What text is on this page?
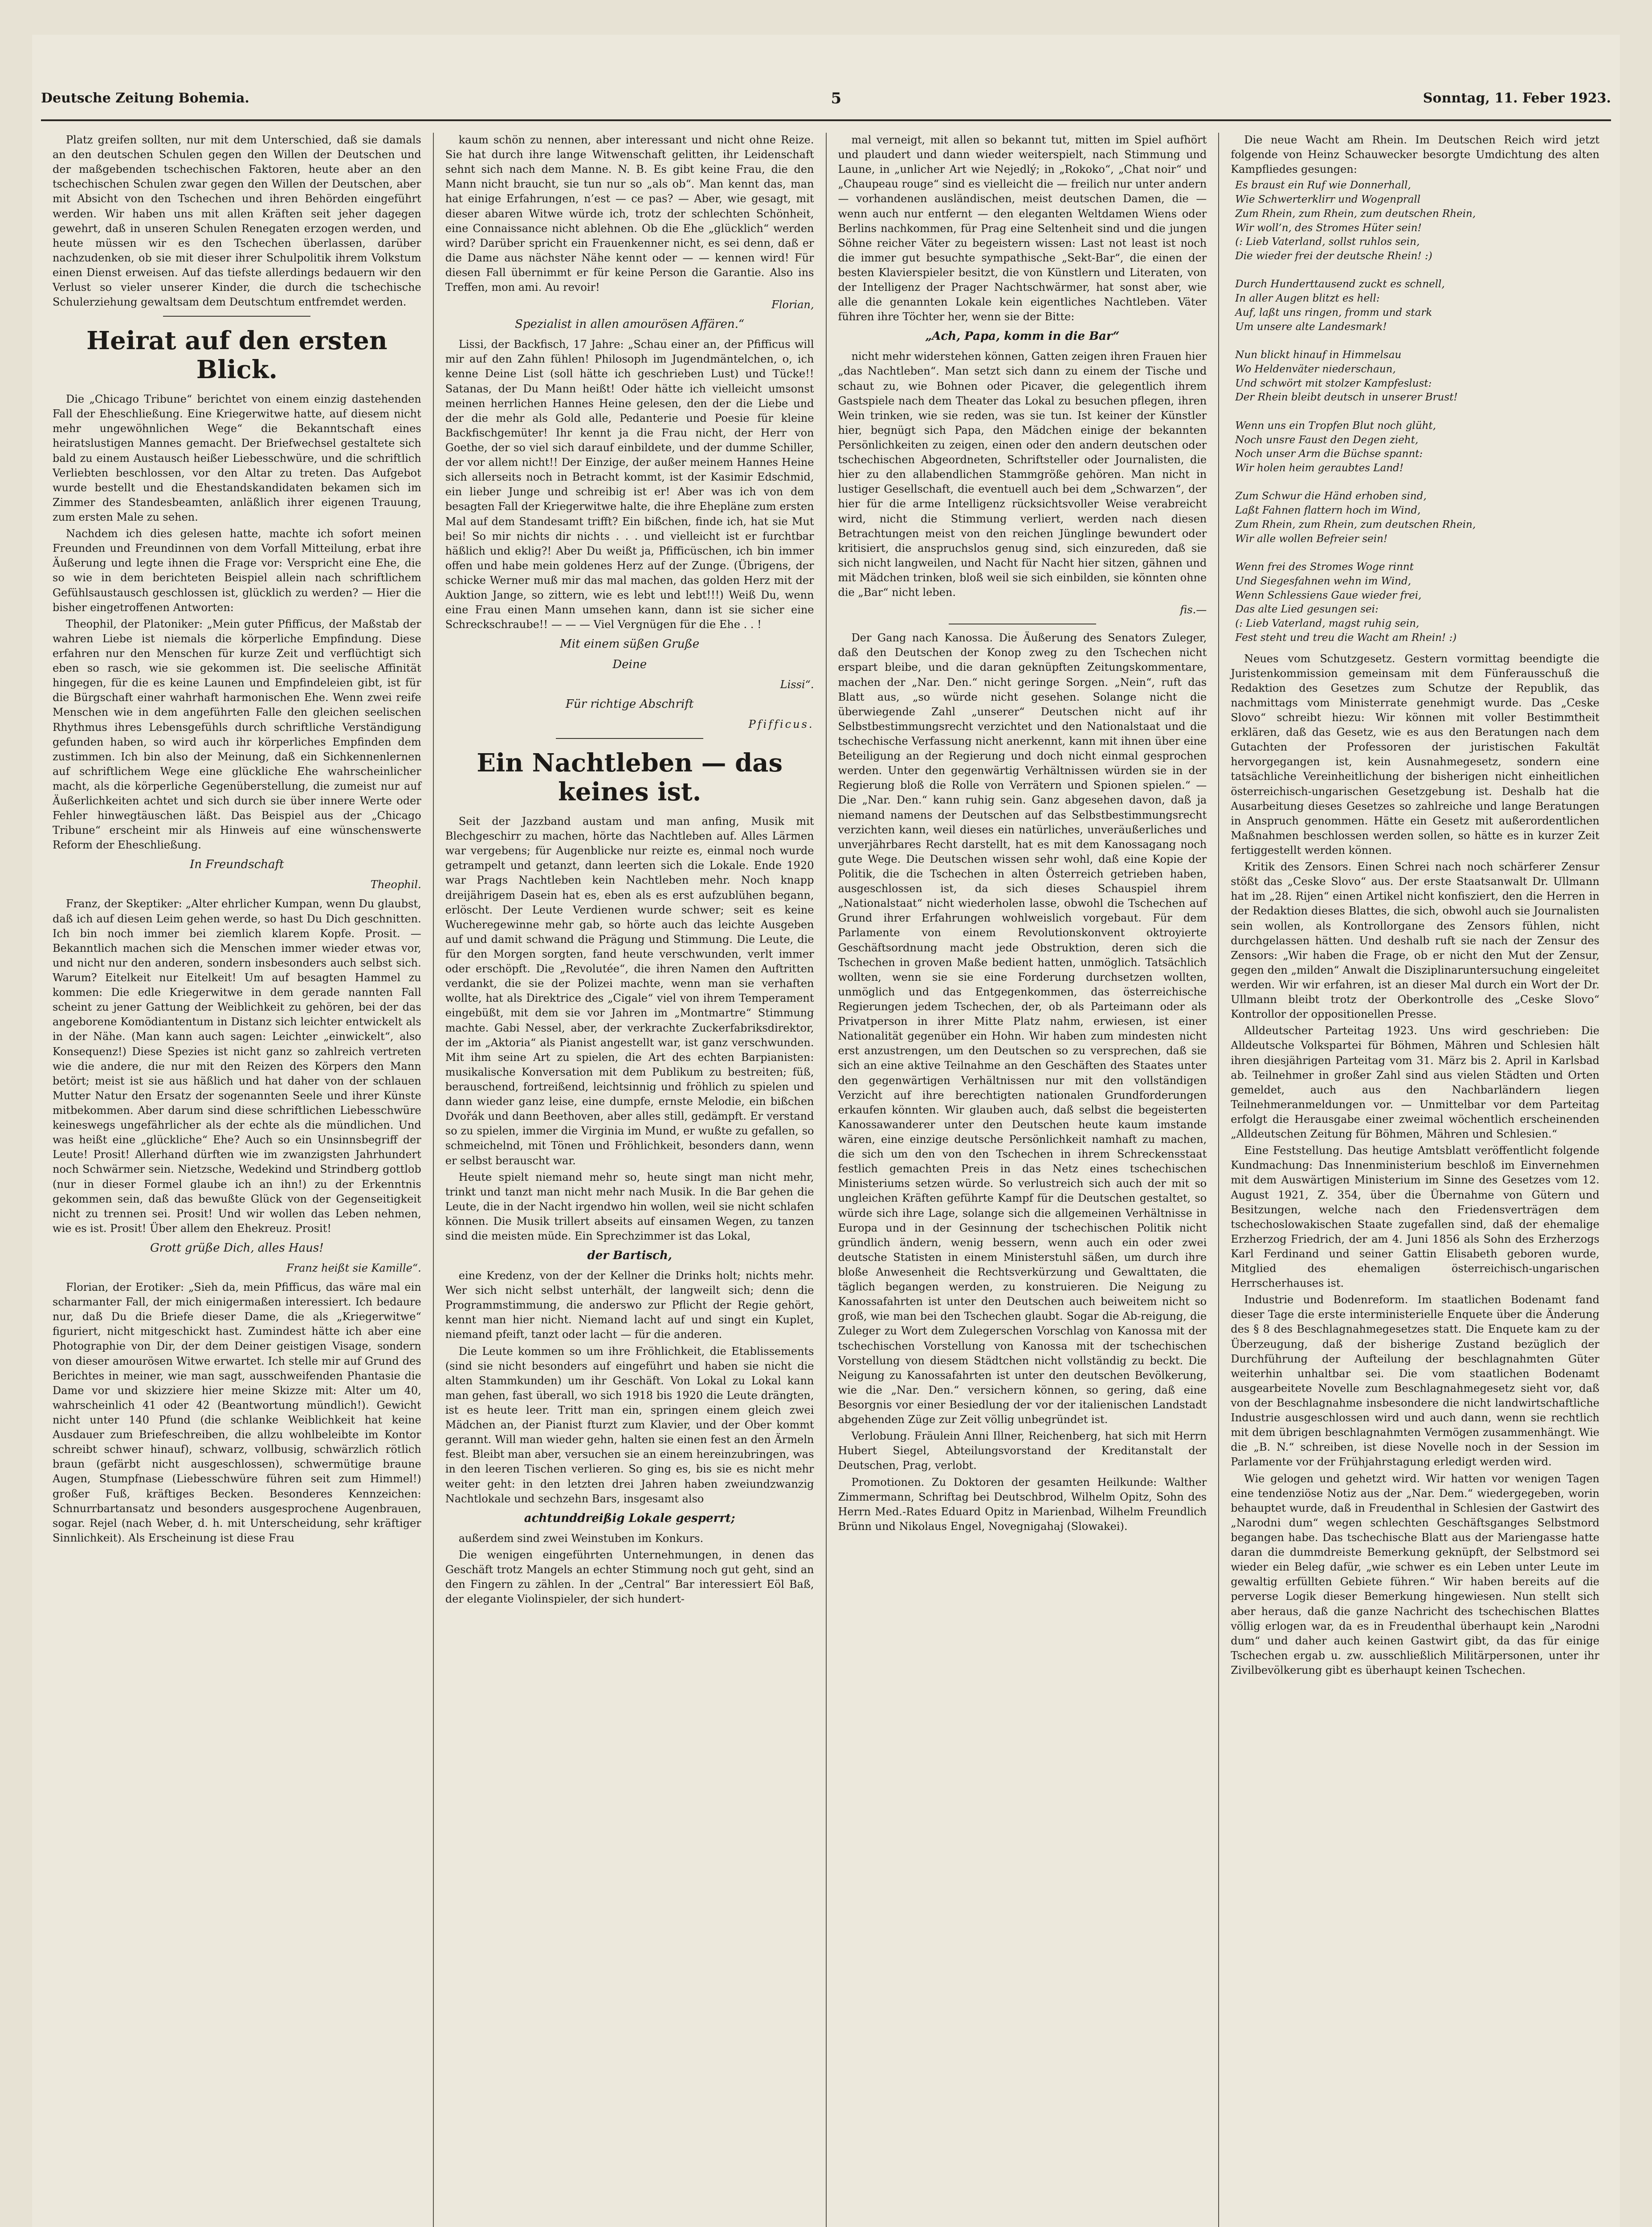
Deutsche Zeitung Bohemia.	5	Sonntag, 11. Feber 1923.

Platz greifen sollten, nur mit dem Unterschied, daß sie damals an den deutschen Schulen gegen den Willen der Deutschen und der maßgebenden tschechischen Faktoren, heute aber an den tschechischen Schulen zwar gegen den Willen der Deutschen, aber mit Absicht von den Tschechen und ihren Behörden eingeführt werden. Wir haben uns mit allen Kräften seit jeher dagegen gewehrt, daß in unseren Schulen Renegaten erzogen werden, und heute müssen wir es den Tschechen überlassen, darüber nachzudenken, ob sie mit dieser ihrer Schulpolitik ihrem Volkstum einen Dienst erweisen. Auf das tiefste allerdings bedauern wir den Verlust so vieler unserer Kinder, die durch die tschechische Schulerziehung gewaltsam dem Deutschtum entfremdet werden.

Heirat auf den ersten Blick.

Die „Chicago Tribune“ berichtet von einem einzig dastehenden Fall der Eheschließung. Eine Kriegerwitwe hatte, auf diesem nicht mehr ungewöhnlichen Wege“ die Bekanntschaft eines heiratslustigen Mannes gemacht. Der Briefwechsel gestaltete sich bald zu einem Austausch heißer Liebesschwüre, und die schriftlich Verliebten beschlossen, vor den Altar zu treten. Das Aufgebot wurde bestellt und die Ehestandskandidaten bekamen sich im Zimmer des Standesbeamten, anläßlich ihrer eigenen Trauung, zum ersten Male zu sehen.

Nachdem ich dies gelesen hatte, machte ich sofort meinen Freunden und Freundinnen von dem Vorfall Mitteilung, erbat ihre Äußerung und legte ihnen die Frage vor: Verspricht eine Ehe, die so wie in dem berichteten Beispiel allein nach schriftlichem Gefühlsaustausch geschlossen ist, glücklich zu werden? — Hier die bisher eingetroffenen Antworten:

Theophil, der Platoniker: „Mein guter Pfifficus, der Maßstab der wahren Liebe ist niemals die körperliche Empfindung. Diese erfahren nur den Menschen für kurze Zeit und verflüchtigt sich eben so rasch, wie sie gekommen ist. Die seelische Affinität hingegen, für die es keine Launen und Empfindeleien gibt, ist für die Bürgschaft einer wahrhaft harmonischen Ehe. Wenn zwei reife Menschen wie in dem angeführten Falle den gleichen seelischen Rhythmus ihres Lebensgefühls durch schriftliche Verständigung gefunden haben, so wird auch ihr körperliches Empfinden dem zustimmen. Ich bin also der Meinung, daß ein Sichkennenlernen auf schriftlichem Wege eine glückliche Ehe wahrscheinlicher macht, als die körperliche Gegenüberstellung, die zumeist nur auf Äußerlichkeiten achtet und sich durch sie über innere Werte oder Fehler hinwegtäuschen läßt. Das Beispiel aus der „Chicago Tribune“ erscheint mir als Hinweis auf eine wünschenswerte Reform der Eheschließung.

In Freundschaft
Theophil.

Franz, der Skeptiker: „Alter ehrlicher Kumpan, wenn Du glaubst, daß ich auf diesen Leim gehen werde, so hast Du Dich geschnitten. Ich bin noch immer bei ziemlich klarem Kopfe. Prosit. — Bekanntlich machen sich die Menschen immer wieder etwas vor, und nicht nur den anderen, sondern insbesonders auch selbst sich. Warum? Eitelkeit nur Eitelkeit! Um auf besagten Hammel zu kommen: Die edle Kriegerwitwe in dem gerade nannten Fall scheint zu jener Gattung der Weiblichkeit zu gehören, bei der das angeborene Komödiantentum in Distanz sich leichter entwickelt als in der Nähe. (Man kann auch sagen: Leichter „einwickelt“, also Konsequenz!) Diese Spezies ist nicht ganz so zahlreich vertreten wie die andere, die nur mit den Reizen des Körpers den Mann betört; meist ist sie aus häßlich und hat daher von der schlauen Mutter Natur den Ersatz der sogenannten Seele und ihrer Künste mitbekommen. Aber darum sind diese schriftlichen Liebesschwüre keineswegs ungefährlicher als der echte als die mündlichen. Und was heißt eine „glückliche“ Ehe? Auch so ein Unsinnsbegriff der Leute! Prosit! Allerhand dürften wie im zwanzigsten Jahrhundert noch Schwärmer sein. Nietzsche, Wedekind und Strindberg gottlob (nur in dieser Formel glaube ich an ihn!) zu der Erkenntnis gekommen sein, daß das bewußte Glück von der Gegenseitigkeit nicht zu trennen sei. Prosit! Und wir wollen das Leben nehmen, wie es ist. Prosit! Über allem den Ehekreuz. Prosit!

Grott grüße Dich, alles Haus!
Franz heißt sie Kamille“.

Florian, der Erotiker: „Sieh da, mein Pfifficus, das wäre mal ein scharmanter Fall, der mich einigermaßen interessiert. Ich bedaure nur, daß Du die Briefe dieser Dame, die als „Kriegerwitwe“ figuriert, nicht mitgeschickt hast. Zumindest hätte ich aber eine Photographie von Dir, der dem Deiner geistigen Visage, sondern von dieser amourösen Witwe erwartet. Ich stelle mir auf Grund des Berichtes in meiner, wie man sagt, ausschweifenden Phantasie die Dame vor und skizziere hier meine Skizze mit: Alter um 40, wahrscheinlich 41 oder 42 (Beantwortung mündlich!). Gewicht nicht unter 140 Pfund (die schlanke Weiblichkeit hat keine Ausdauer zum Briefeschreiben, die allzu wohlbeleibte im Kontor schreibt schwer hinauf), schwarz, vollbusig, schwärzlich rötlich braun (gefärbt nicht ausgeschlossen), schwermütige braune Augen, Stumpfnase (Liebesschwüre führen seit zum Himmel!) großer Fuß, kräftiges Becken. Besonderes Kennzeichen: Schnurrbartansatz und besonders ausgesprochene Augenbrauen, sogar. Rejel (nach Weber, d. h. mit Unterscheidung, sehr kräftiger Sinnlichkeit). Als Erscheinung ist diese Frau

kaum schön zu nennen, aber interessant und nicht ohne Reize. Sie hat durch ihre lange Witwenschaft gelitten, ihr Leidenschaft sehnt sich nach dem Manne. N. B. Es gibt keine Frau, die den Mann nicht braucht, sie tun nur so „als ob“. Man kennt das, man hat einige Erfahrungen, n’est — ce pas? — Aber, wie gesagt, mit dieser abaren Witwe würde ich, trotz der schlechten Schönheit, eine Connaissance nicht ablehnen. Ob die Ehe „glücklich“ werden wird? Darüber spricht ein Frauenkenner nicht, es sei denn, daß er die Dame aus nächster Nähe kennt oder — — kennen wird! Für diesen Fall übernimmt er für keine Person die Garantie. Also ins Treffen, mon ami. Au revoir!

Florian,
Spezialist in allen amourösen Affären.“

Lissi, der Backfisch, 17 Jahre: „Schau einer an, der Pfifficus will mir auf den Zahn fühlen! Philosoph im Jugendmäntelchen, o, ich kenne Deine List (soll hätte ich geschrieben Lust) und Tücke!! Satanas, der Du Mann heißt! Oder hätte ich vielleicht umsonst meinen herrlichen Hannes Heine gelesen, den der die Liebe und der die mehr als Gold alle, Pedanterie und Poesie für kleine Backfischgemüter! Ihr kennt ja die Frau nicht, der Herr von Goethe, der so viel sich darauf einbildete, und der dumme Schiller, der vor allem nicht!! Der Einzige, der außer meinem Hannes Heine sich allerseits noch in Betracht kommt, ist der Kasimir Edschmid, ein lieber Junge und schreibig ist er! Aber was ich von dem besagten Fall der Kriegerwitwe halte, die ihre Ehepläne zum ersten Mal auf dem Standesamt trifft? Ein bißchen, finde ich, hat sie Mut bei! So mir nichts dir nichts . . . und vielleicht ist er furchtbar häßlich und eklig?! Aber Du weißt ja, Pfifficüschen, ich bin immer offen und habe mein goldenes Herz auf der Zunge. (Übrigens, der schicke Werner muß mir das mal machen, das golden Herz mit der Auktion Jange, so zittern, wie es lebt und lebt!!!) Weiß Du, wenn eine Frau einen Mann umsehen kann, dann ist sie sicher eine Schreckschraube!! — — — Viel Vergnügen für die Ehe . . !

Mit einem süßen Gruße
Deine
Lissi“.
Für richtige Abschrift
Pfifficus.
Ein Nachtleben — das keines ist.

Seit der Jazzband austam und man anfing, Musik mit Blechgeschirr zu machen, hörte das Nachtleben auf. Alles Lärmen war vergebens; für Augenblicke nur reizte es, einmal noch wurde getrampelt und getanzt, dann leerten sich die Lokale. Ende 1920 war Prags Nachtleben kein Nachtleben mehr. Noch knapp dreijährigem Dasein hat es, eben als es erst aufzublühen begann, erlöscht. Der Leute Verdienen wurde schwer; seit es keine Wucheregewinne mehr gab, so hörte auch das leichte Ausgeben auf und damit schwand die Prägung und Stimmung. Die Leute, die für den Morgen sorgten, fand heute verschwunden, verlt immer oder erschöpft. Die „Revolutée“, die ihren Namen den Auftritten verdankt, die sie der Polizei machte, wenn man sie verhaften wollte, hat als Direktrice des „Cigale“ viel von ihrem Temperament eingebüßt, mit dem sie vor Jahren im „Montmartre“ Stimmung machte. Gabi Nessel, aber, der verkrachte Zuckerfabriksdirektor, der im „Aktoria“ als Pianist angestellt war, ist ganz verschwunden. Mit ihm seine Art zu spielen, die Art des echten Barpianisten: musikalische Konversation mit dem Publikum zu bestreiten; füß, berauschend, fortreißend, leichtsinnig und fröhlich zu spielen und dann wieder ganz leise, eine dumpfe, ernste Melodie, ein bißchen Dvořák und dann Beethoven, aber alles still, gedämpft. Er verstand so zu spielen, immer die Virginia im Mund, er wußte zu gefallen, so schmeichelnd, mit Tönen und Fröhlichkeit, besonders dann, wenn er selbst berauscht war.

Heute spielt niemand mehr so, heute singt man nicht mehr, trinkt und tanzt man nicht mehr nach Musik. In die Bar gehen die Leute, die in der Nacht irgendwo hin wollen, weil sie nicht schlafen können. Die Musik trillert abseits auf einsamen Wegen, zu tanzen sind die meisten müde. Ein Sprechzimmer ist das Lokal,

der Bartisch,

eine Kredenz, von der der Kellner die Drinks holt; nichts mehr. Wer sich nicht selbst unterhält, der langweilt sich; denn die Programmstimmung, die anderswo zur Pflicht der Regie gehört, kennt man hier nicht. Niemand lacht auf und singt ein Kuplet, niemand pfeift, tanzt oder lacht — für die anderen.

Die Leute kommen so um ihre Fröhlichkeit, die Etablissements (sind sie nicht besonders auf eingeführt und haben sie nicht die alten Stammkunden) um ihr Geschäft. Von Lokal zu Lokal kann man gehen, fast überall, wo sich 1918 bis 1920 die Leute drängten, ist es heute leer. Tritt man ein, springen einem gleich zwei Mädchen an, der Pianist fturzt zum Klavier, und der Ober kommt gerannt. Will man wieder gehn, halten sie einen fest an den Ärmeln fest. Bleibt man aber, versuchen sie an einem hereinzubringen, was in den leeren Tischen verlieren. So ging es, bis sie es nicht mehr weiter geht: in den letzten drei Jahren haben zweiundzwanzig Nachtlokale und sechzehn Bars, insgesamt also

achtunddreißig Lokale gesperrt;

außerdem sind zwei Weinstuben im Konkurs.

Die wenigen eingeführten Unternehmungen, in denen das Geschäft trotz Mangels an echter Stimmung noch gut geht, sind an den Fingern zu zählen. In der „Central“ Bar interessiert Eöl Baß, der elegante Violinspieler, der sich hundert-

mal verneigt, mit allen so bekannt tut, mitten im Spiel aufhört und plaudert und dann wieder weiterspielt, nach Stimmung und Laune, in „unlicher Art wie Nejedlý; in „Rokoko“, „Chat noir“ und „Chaupeau rouge“ sind es vielleicht die — freilich nur unter andern — vorhandenen ausländischen, meist deutschen Damen, die — wenn auch nur entfernt — den eleganten Weltdamen Wiens oder Berlins nachkommen, für Prag eine Seltenheit sind und die jungen Söhne reicher Väter zu begeistern wissen: Last not least ist noch die immer gut besuchte sympathische „Sekt-Bar“, die einen der besten Klavierspieler besitzt, die von Künstlern und Literaten, von der Intelligenz der Prager Nachtschwärmer, hat sonst aber, wie alle die genannten Lokale kein eigentliches Nachtleben. Väter führen ihre Töchter her, wenn sie der Bitte:

„Ach, Papa, komm in die Bar“

nicht mehr widerstehen können, Gatten zeigen ihren Frauen hier „das Nachtleben“. Man setzt sich dann zu einem der Tische und schaut zu, wie Bohnen oder Picaver, die gelegentlich ihrem Gastspiele nach dem Theater das Lokal zu besuchen pflegen, ihren Wein trinken, wie sie reden, was sie tun. Ist keiner der Künstler hier, begnügt sich Papa, den Mädchen einige der bekannten Persönlichkeiten zu zeigen, einen oder den andern deutschen oder tschechischen Abgeordneten, Schriftsteller oder Journalisten, die hier zu den allabendlichen Stammgröße gehören. Man nicht in lustiger Gesellschaft, die eventuell auch bei dem „Schwarzen“, der hier für die arme Intelligenz rücksichtsvoller Weise verabreicht wird, nicht die Stimmung verliert, werden nach diesen Betrachtungen meist von den reichen Jünglinge bewundert oder kritisiert, die anspruchslos genug sind, sich einzureden, daß sie sich nicht langweilen, und Nacht für Nacht hier sitzen, gähnen und mit Mädchen trinken, bloß weil sie sich einbilden, sie könnten ohne die „Bar“ nicht leben.

fis.—

Der Gang nach Kanossa. Die Äußerung des Senators Zuleger, daß den Deutschen der Konop zweg zu den Tschechen nicht erspart bleibe, und die daran geknüpften Zeitungskommentare, machen der „Nar. Den.“ nicht geringe Sorgen. „Nein“, ruft das Blatt aus, „so würde nicht gesehen. Solange nicht die überwiegende Zahl „unserer“ Deutschen nicht auf ihr Selbstbestimmungsrecht verzichtet und den Nationalstaat und die tschechische Verfassung nicht anerkennt, kann mit ihnen über eine Beteiligung an der Regierung und doch nicht einmal gesprochen werden. Unter den gegenwärtig Verhältnissen würden sie in der Regierung bloß die Rolle von Verrätern und Spionen spielen.“ — Die „Nar. Den.“ kann ruhig sein. Ganz abgesehen davon, daß ja niemand namens der Deutschen auf das Selbstbestimmungsrecht verzichten kann, weil dieses ein natürliches, unveräußerliches und unverjährbares Recht darstellt, hat es mit dem Kanossagang noch gute Wege. Die Deutschen wissen sehr wohl, daß eine Kopie der Politik, die die Tschechen in alten Österreich getrieben haben, ausgeschlossen ist, da sich dieses Schauspiel ihrem „Nationalstaat“ nicht wiederholen lasse, obwohl die Tschechen auf Grund ihrer Erfahrungen wohlweislich vorgebaut. Für dem Parlamente von einem Revolutionskonvent oktroyierte Geschäftsordnung macht jede Obstruktion, deren sich die Tschechen in groven Maße bedient hatten, unmöglich. Tatsächlich wollten, wenn sie sie eine Forderung durchsetzen wollten, unmöglich und das Entgegenkommen, das österreichische Regierungen jedem Tschechen, der, ob als Parteimann oder als Privatperson in ihrer Mitte Platz nahm, erwiesen, ist einer Nationalität gegenüber ein Hohn. Wir haben zum mindesten nicht erst anzustrengen, um den Deutschen so zu versprechen, daß sie sich an eine aktive Teilnahme an den Geschäften des Staates unter den gegenwärtigen Verhältnissen nur mit den vollständigen Verzicht auf ihre berechtigten nationalen Grundforderungen erkaufen könnten. Wir glauben auch, daß selbst die begeisterten Kanossawanderer unter den Deutschen heute kaum imstande wären, eine einzige deutsche Persönlichkeit namhaft zu machen, die sich um den von den Tschechen in ihrem Schreckensstaat festlich gemachten Preis in das Netz eines tschechischen Ministeriums setzen würde. So verlustreich sich auch der mit so ungleichen Kräften geführte Kampf für die Deutschen gestaltet, so würde sich ihre Lage, solange sich die allgemeinen Verhältnisse in Europa und in der Gesinnung der tschechischen Politik nicht gründlich ändern, wenig bessern, wenn auch ein oder zwei deutsche Statisten in einem Ministerstuhl säßen, um durch ihre bloße Anwesenheit die Rechtsverkürzung und Gewalttaten, die täglich begangen werden, zu konstruieren. Die Neigung zu Kanossafahrten ist unter den Deutschen auch beiweitem nicht so groß, wie man bei den Tschechen glaubt. Sogar die Ab-reigung, die Zuleger zu Wort dem Zulegerschen Vorschlag von Kanossa mit der tschechischen Vorstellung von Kanossa mit der tschechischen Vorstellung von diesem Städtchen nicht vollständig zu beckt. Die Neigung zu Kanossafahrten ist unter den deutschen Bevölkerung, wie die „Nar. Den.“ versichern können, so gering, daß eine Besorgnis vor einer Besiedlung der vor der italienischen Landstadt abgehenden Züge zur Zeit völlig unbegründet ist.

Verlobung. Fräulein Anni Illner, Reichenberg, hat sich mit Herrn Hubert Siegel, Abteilungsvorstand der Kreditanstalt der Deutschen, Prag, verlobt.

Promotionen. Zu Doktoren der gesamten Heilkunde: Walther Zimmermann, Schriftag bei Deutschbrod, Wilhelm Opitz, Sohn des Herrn Med.-Rates Eduard Opitz in Marienbad, Wilhelm Freundlich Brünn und Nikolaus Engel, Novegnigahaj (Slowakei).

Die neue Wacht am Rhein. Im Deutschen Reich wird jetzt folgende von Heinz Schauwecker besorgte Umdichtung des alten Kampfliedes gesungen:

Es braust ein Ruf wie Donnerhall,
Wie Schwerterklirr und Wogenprall
Zum Rhein, zum Rhein, zum deutschen Rhein,
Wir woll’n, des Stromes Hüter sein!
(: Lieb Vaterland, sollst ruhlos sein,
Die wieder frei der deutsche Rhein! :)

Durch Hunderttausend zuckt es schnell,
In aller Augen blitzt es hell:
Auf, laßt uns ringen, fromm und stark
Um unsere alte Landesmark!

Nun blickt hinauf in Himmelsau
Wo Heldenväter niederschaun,
Und schwört mit stolzer Kampfeslust:
Der Rhein bleibt deutsch in unserer Brust!

Wenn uns ein Tropfen Blut noch glüht,
Noch unsre Faust den Degen zieht,
Noch unser Arm die Büchse spannt:
Wir holen heim geraubtes Land!

Zum Schwur die Händ erhoben sind,
Laßt Fahnen flattern hoch im Wind,
Zum Rhein, zum Rhein, zum deutschen Rhein,
Wir alle wollen Befreier sein!

Wenn frei des Stromes Woge rinnt
Und Siegesfahnen wehn im Wind,
Wenn Schlessiens Gaue wieder frei,
Das alte Lied gesungen sei:
(: Lieb Vaterland, magst ruhig sein,
Fest steht und treu die Wacht am Rhein! :)

Neues vom Schutzgesetz. Gestern vormittag beendigte die Juristenkommission gemeinsam mit dem Fünferausschuß die Redaktion des Gesetzes zum Schutze der Republik, das nachmittags vom Ministerrate genehmigt wurde. Das „Ceske Slovo“ schreibt hiezu: Wir können mit voller Bestimmtheit erklären, daß das Gesetz, wie es aus den Beratungen nach dem Gutachten der Professoren der juristischen Fakultät hervorgegangen ist, kein Ausnahmegesetz, sondern eine tatsächliche Vereinheitlichung der bisherigen nicht einheitlichen österreichisch-ungarischen Gesetzgebung ist. Deshalb hat die Ausarbeitung dieses Gesetzes so zahlreiche und lange Beratungen in Anspruch genommen. Hätte ein Gesetz mit außerordentlichen Maßnahmen beschlossen werden sollen, so hätte es in kurzer Zeit fertiggestellt werden können.

Kritik des Zensors. Einen Schrei nach noch schärferer Zensur stößt das „Ceske Slovo“ aus. Der erste Staatsanwalt Dr. Ullmann hat im „28. Rijen“ einen Artikel nicht konfisziert, den die Herren in der Redaktion dieses Blattes, die sich, obwohl auch sie Journalisten sein wollen, als Kontrollorgane des Zensors fühlen, nicht durchgelassen hätten. Und deshalb ruft sie nach der Zensur des Zensors: „Wir haben die Frage, ob er nicht den Mut der Zensur, gegen den „milden“ Anwalt die Disziplinaruntersuchung eingeleitet werden. Wir wir erfahren, ist an dieser Mal durch ein Wort der Dr. Ullmann bleibt trotz der Oberkontrolle des „Ceske Slovo“ Kontrollor der oppositionellen Presse.

Alldeutscher Parteitag 1923. Uns wird geschrieben: Die Alldeutsche Volkspartei für Böhmen, Mähren und Schlesien hält ihren diesjährigen Parteitag vom 31. März bis 2. April in Karlsbad ab. Teilnehmer in großer Zahl sind aus vielen Städten und Orten gemeldet, auch aus den Nachbarländern liegen Teilnehmeranmeldungen vor. — Unmittelbar vor dem Parteitag erfolgt die Herausgabe einer zweimal wöchentlich erscheinenden „Alldeutschen Zeitung für Böhmen, Mähren und Schlesien.“

Eine Feststellung. Das heutige Amtsblatt veröffentlicht folgende Kundmachung: Das Innenministerium beschloß im Einvernehmen mit dem Auswärtigen Ministerium im Sinne des Gesetzes vom 12. August 1921, Z. 354, über die Übernahme von Gütern und Besitzungen, welche nach den Friedensverträgen dem tschechoslowakischen Staate zugefallen sind, daß der ehemalige Erzherzog Friedrich, der am 4. Juni 1856 als Sohn des Erzherzogs Karl Ferdinand und seiner Gattin Elisabeth geboren wurde, Mitglied des ehemaligen österreichisch-ungarischen Herrscherhauses ist.

Industrie und Bodenreform. Im staatlichen Bodenamt fand dieser Tage die erste interministerielle Enquete über die Änderung des § 8 des Beschlagnahmegesetzes statt. Die Enquete kam zu der Überzeugung, daß der bisherige Zustand bezüglich der Durchführung der Aufteilung der beschlagnahmten Güter weiterhin unhaltbar sei. Die vom staatlichen Bodenamt ausgearbeitete Novelle zum Beschlagnahmegesetz sieht vor, daß von der Beschlagnahme insbesondere die nicht landwirtschaftliche Industrie ausgeschlossen wird und auch dann, wenn sie rechtlich mit dem übrigen beschlagnahmten Vermögen zusammenhängt. Wie die „B. N.“ schreiben, ist diese Novelle noch in der Session im Parlamente vor der Frühjahrstagung erledigt werden wird.

Wie gelogen und gehetzt wird. Wir hatten vor wenigen Tagen eine tendenziöse Notiz aus der „Nar. Dem.“ wiedergegeben, worin behauptet wurde, daß in Freudenthal in Schlesien der Gastwirt des „Narodni dum“ wegen schlechten Geschäftsganges Selbstmord begangen habe. Das tschechische Blatt aus der Mariengasse hatte daran die dummdreiste Bemerkung geknüpft, der Selbstmord sei wieder ein Beleg dafür, „wie schwer es ein Leben unter Leute im gewaltig erfüllten Gebiete führen.“ Wir haben bereits auf die perverse Logik dieser Bemerkung hingewiesen. Nun stellt sich aber heraus, daß die ganze Nachricht des tschechischen Blattes völlig erlogen war, da es in Freudenthal überhaupt kein „Narodni dum“ und daher auch keinen Gastwirt gibt, da das für einige Tschechen ergab u. zw. ausschließlich Militärpersonen, unter ihr Zivilbevölkerung gibt es überhaupt keinen Tschechen.
